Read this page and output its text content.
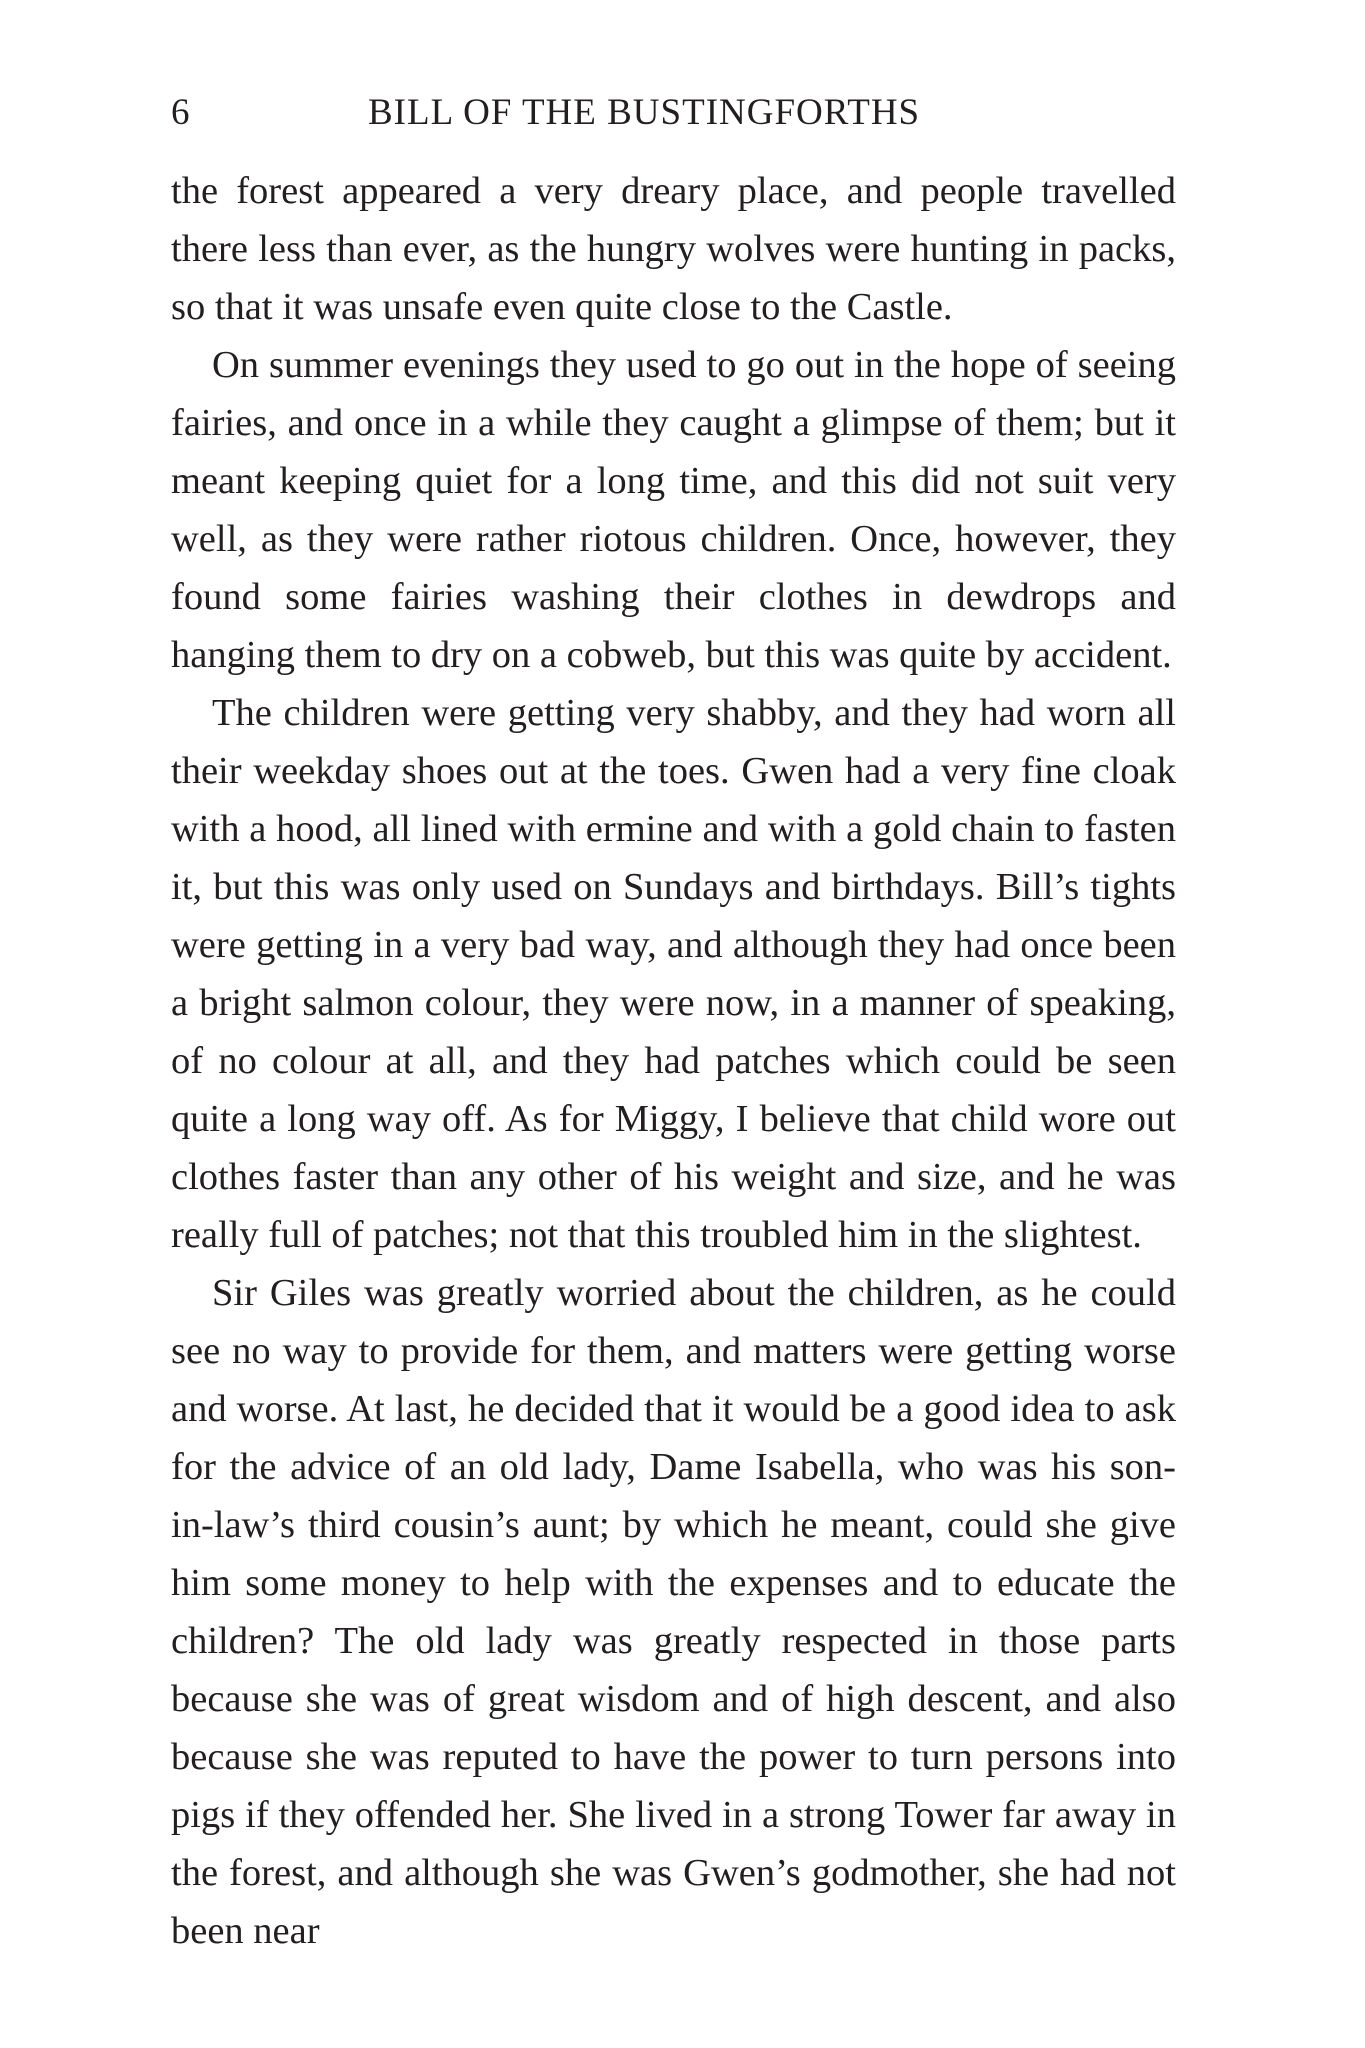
6	BILL OF THE BUSTINGFORTHS

the forest appeared a very dreary place, and people travelled there less than ever, as the hungry wolves were hunting in packs, so that it was unsafe even quite close to the Castle.

On summer evenings they used to go out in the hope of seeing fairies, and once in a while they caught a glimpse of them; but it meant keeping quiet for a long time, and this did not suit very well, as they were rather riotous children. Once, however, they found some fairies washing their clothes in dewdrops and hanging them to dry on a cobweb, but this was quite by accident.

The children were getting very shabby, and they had worn all their weekday shoes out at the toes. Gwen had a very fine cloak with a hood, all lined with ermine and with a gold chain to fasten it, but this was only used on Sundays and birthdays. Bill’s tights were getting in a very bad way, and although they had once been a bright salmon colour, they were now, in a manner of speaking, of no colour at all, and they had patches which could be seen quite a long way off. As for Miggy, I believe that child wore out clothes faster than any other of his weight and size, and he was really full of patches; not that this troubled him in the slightest.

Sir Giles was greatly worried about the children, as he could see no way to provide for them, and matters were getting worse and worse. At last, he decided that it would be a good idea to ask for the advice of an old lady, Dame Isabella, who was his son-in-law’s third cousin’s aunt; by which he meant, could she give him some money to help with the expenses and to educate the children? The old lady was greatly respected in those parts because she was of great wisdom and of high descent, and also because she was reputed to have the power to turn persons into pigs if they offended her. She lived in a strong Tower far away in the forest, and although she was Gwen’s godmother, she had not been near
